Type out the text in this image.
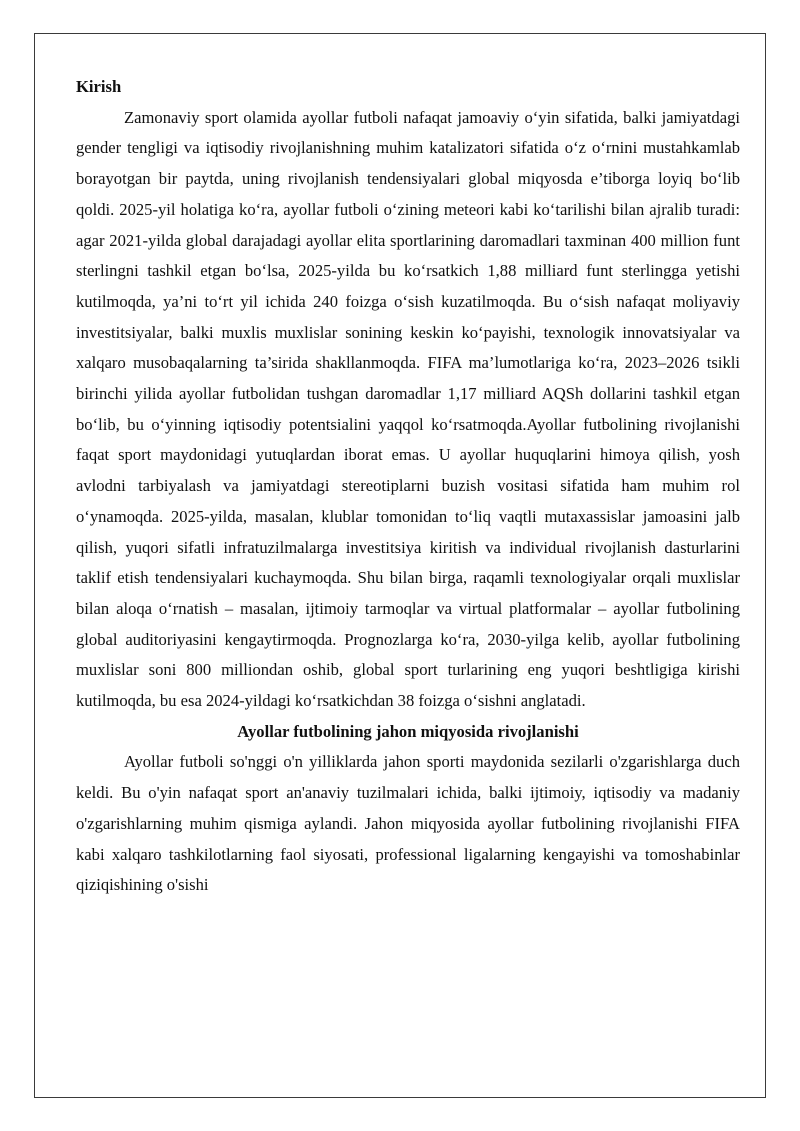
Kirish

Zamonaviy sport olamida ayollar futboli nafaqat jamoaviy o‘yin sifatida, balki jamiyatdagi gender tengligi va iqtisodiy rivojlanishning muhim katalizatori sifatida o‘z o‘rnini mustahkamlab borayotgan bir paytda, uning rivojlanish tendensiyalari global miqyosda e’tiborga loyiq bo‘lib qoldi. 2025-yil holatiga ko‘ra, ayollar futboli o‘zining meteori kabi ko‘tarilishi bilan ajralib turadi: agar 2021-yilda global darajadagi ayollar elita sportlarining daromadlari taxminan 400 million funt sterlingni tashkil etgan bo‘lsa, 2025-yilda bu ko‘rsatkich 1,88 milliard funt sterlingga yetishi kutilmoqda, ya’ni to‘rt yil ichida 240 foizga o‘sish kuzatilmoqda. Bu o‘sish nafaqat moliyaviy investitsiyalar, balki muxlis muxlislar sonining keskin ko‘payishi, texnologik innovatsiyalar va xalqaro musobaqalarning ta’sirida shakllanmoqda. FIFA ma’lumotlariga ko‘ra, 2023–2026 tsikli birinchi yilida ayollar futbolidan tushgan daromadlar 1,17 milliard AQSh dollarini tashkil etgan bo‘lib, bu o‘yinning iqtisodiy potentsialini yaqqol ko‘rsatmoqda.Ayollar futbolining rivojlanishi faqat sport maydonidagi yutuqlardan iborat emas. U ayollar huquqlarini himoya qilish, yosh avlodni tarbiyalash va jamiyatdagi stereotiplarni buzish vositasi sifatida ham muhim rol o‘ynamoqda. 2025-yilda, masalan, klublar tomonidan to‘liq vaqtli mutaxassislar jamoasini jalb qilish, yuqori sifatli infratuzilmalarga investitsiya kiritish va individual rivojlanish dasturlarini taklif etish tendensiyalari kuchaymoqda. Shu bilan birga, raqamli texnologiyalar orqali muxlislar bilan aloqa o‘rnatish – masalan, ijtimoiy tarmoqlar va virtual platformalar – ayollar futbolining global auditoriyasini kengaytirmoqda. Prognozlarga ko‘ra, 2030-yilga kelib, ayollar futbolining muxlislar soni 800 milliondan oshib, global sport turlarining eng yuqori beshtligiga kirishi kutilmoqda, bu esa 2024-yildagi ko‘rsatkichdan 38 foizga o‘sishni anglatadi.

Ayollar futbolining jahon miqyosida rivojlanishi

Ayollar futboli so'nggi o'n yilliklarda jahon sporti maydonida sezilarli o'zgarishlarga duch keldi. Bu o'yin nafaqat sport an'anaviy tuzilmalari ichida, balki ijtimoiy, iqtisodiy va madaniy o'zgarishlarning muhim qismiga aylandi. Jahon miqyosida ayollar futbolining rivojlanishi FIFA kabi xalqaro tashkilotlarning faol siyosati, professional ligalarning kengayishi va tomoshabinlar qiziqishining o'sishi
